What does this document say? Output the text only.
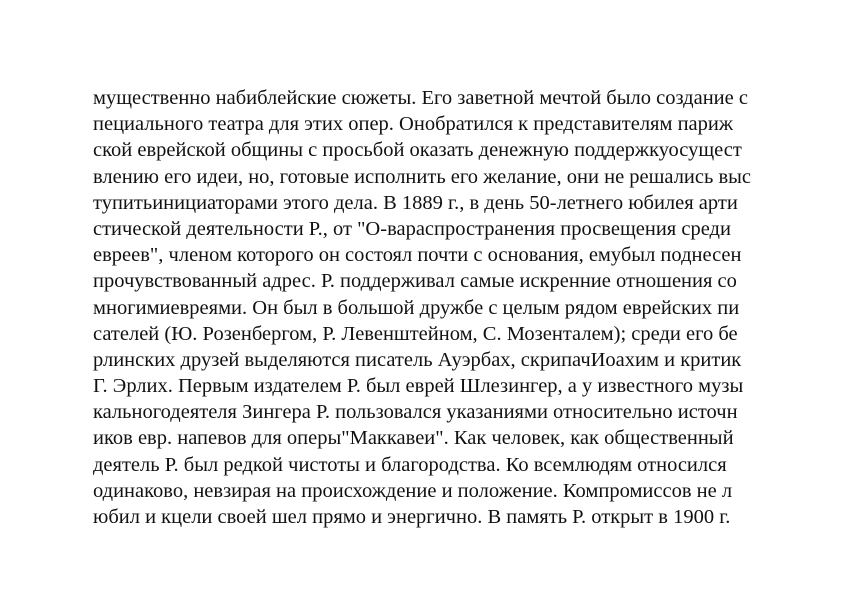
мущественно набиблейские сюжеты. Его заветной мечтой было создание с
пециального театра для этих опер. Онобратился к представителям париж
ской еврейской общины с просьбой оказать денежную поддержкуосущест
влению его идеи, но, готовые исполнить его желание, они не решались выс
тупитьинициаторами этого дела. В 1889 г., в день 50-летнего юбилея арти
стической деятельности Р., от "О-вараспространения просвещения среди
евреев", членом которого он состоял почти с основания, емубыл поднесен
прочувствованный адрес. Р. поддерживал самые искренние отношения со
многимиевреями. Он был в большой дружбе с целым рядом еврейских пи
сателей (Ю. Розенбергом, Р. Левенштейном, С. Мозенталем); среди его бе
рлинских друзей выделяются писатель Ауэрбах, скрипачИоахим и критик
Г. Эрлих. Первым издателем Р. был еврей Шлезингер, а у известного музы
кальногодеятеля Зингера Р. пользовался указаниями относительно источн
иков евр. напевов для оперы"Маккавеи". Как человек, как общественный
деятель Р. был редкой чистоты и благородства. Ко всемлюдям относился
одинаково, невзирая на происхождение и положение. Компромиссов не л
юбил и кцели своей шел прямо и энергично. В память Р. открыт в 1900 г.
